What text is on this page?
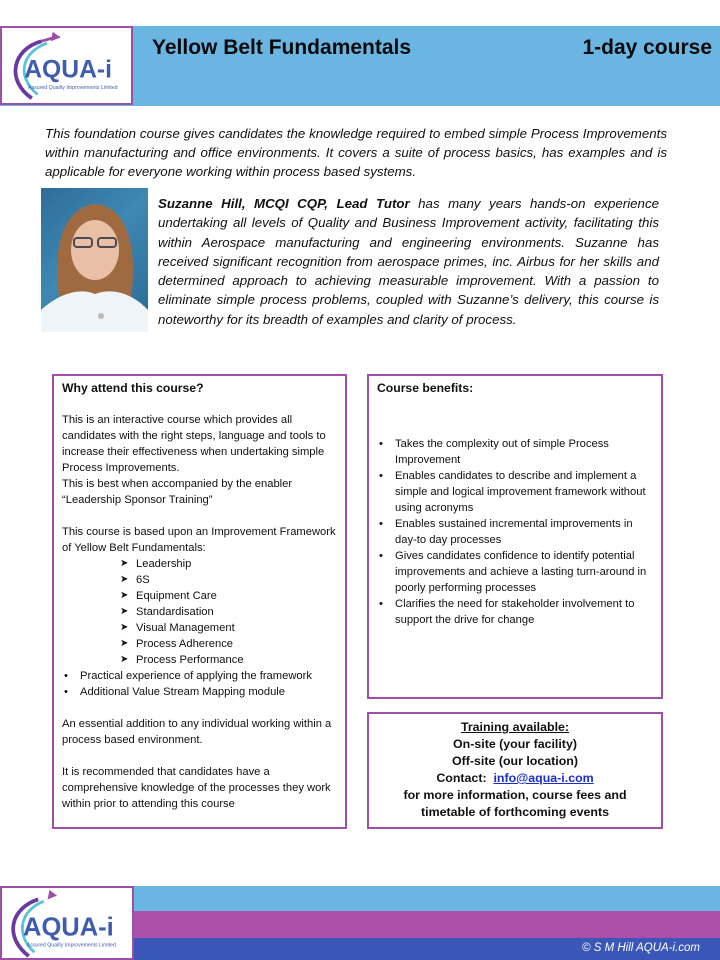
AQUA-i
Assured Quality Improvements Limited
Yellow Belt Fundamentals	1-day course
This foundation course gives candidates the knowledge required to embed simple Process Improvements within manufacturing and office environments. It covers a suite of process basics, has examples and is applicable for everyone working within process based systems.
Suzanne Hill, MCQI CQP, Lead Tutor has many years hands-on experience undertaking all levels of Quality and Business Improvement activity, facilitating this within Aerospace manufacturing and engineering environments. Suzanne has received significant recognition from aerospace primes, inc. Airbus for her skills and determined approach to achieving measurable improvement. With a passion to eliminate simple process problems, coupled with Suzanne’s delivery, this course is noteworthy for its breadth of examples and clarity of process.
Why attend this course?

This is an interactive course which provides all candidates with the right steps, language and tools to increase their effectiveness when undertaking simple Process Improvements.

This is best when accompanied by the enabler “Leadership Sponsor Training”

This course is based upon an Improvement Framework of Yellow Belt Fundamentals:

➤ Leadership
➤ 6S
➤ Equipment Care
➤ Standardisation
➤ Visual Management
➤ Process Adherence
➤ Process Performance
• Practical experience of applying the framework
• Additional Value Stream Mapping module

An essential addition to any individual working within a process based environment.

It is recommended that candidates have a comprehensive knowledge of the processes they work within prior to attending this course

Course benefits:
• Takes the complexity out of simple Process Improvement
• Enables candidates to describe and implement a simple and logical improvement framework without using acronyms
• Enables sustained incremental improvements in day-to day processes
• Gives candidates confidence to identify potential improvements and achieve a lasting turn-around in poorly performing processes
• Clarifies the need for stakeholder involvement to support the drive for change
Training available:
On-site (your facility)
Off-site (our location)
Contact:  info@aqua-i.com
for more information, course fees and timetable of forthcoming events
AQUA-i
Assured Quality Improvements Limited	© S M Hill AQUA-i.com
